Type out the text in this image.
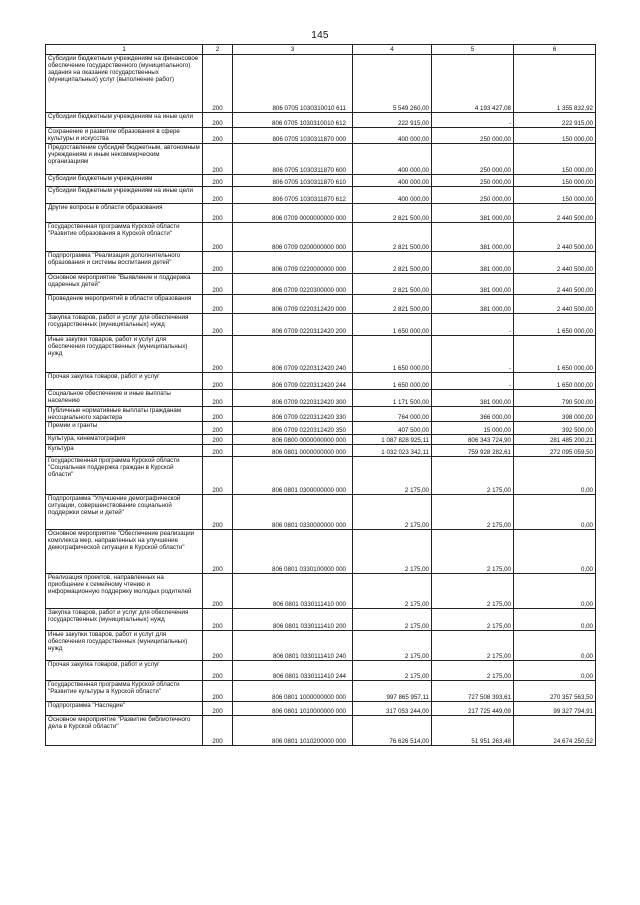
145
1	2	3	4	5	6
Субсидии бюджетным учреждениям на финансовое обеспечение государственного (муниципального) задания на оказание государственных (муниципальных) услуг (выполнение работ)	200	806 0705 1030310010 611	5 549 260,00	4 193 427,08	1 355 832,92
Субсидии бюджетным учреждениям на иные цели	200	806 0705 1030310010 612	222 915,00	-	222 915,00
Сохранение и развитие образования в сфере культуры и искусства	200	806 0705 1030311870 000	400 000,00	250 000,00	150 000,00
Предоставление субсидий бюджетным, автономным учреждениям и иным некоммерческим организациям	200	806 0705 1030311870 600	400 000,00	250 000,00	150 000,00
Субсидии бюджетным учреждениям	200	806 0705 1030311870 610	400 000,00	250 000,00	150 000,00
Субсидии бюджетным учреждениям на иные цели	200	806 0705 1030311870 612	400 000,00	250 000,00	150 000,00
Другие вопросы в области образования	200	806 0709 0000000000 000	2 821 500,00	381 000,00	2 440 500,00
Государственная программа Курской области "Развитие образования в Курской области"	200	806 0709 0200000000 000	2 821 500,00	381 000,00	2 440 500,00
Подпрограмма "Реализация дополнительного образования и системы воспитания детей"	200	806 0709 0220000000 000	2 821 500,00	381 000,00	2 440 500,00
Основное мероприятие "Выявление и поддержка одаренных детей"	200	806 0709 0220300000 000	2 821 500,00	381 000,00	2 440 500,00
Проведение мероприятий в области образования	200	806 0709 0220312420 000	2 821 500,00	381 000,00	2 440 500,00
Закупка товаров, работ и услуг для обеспечения государственных (муниципальных) нужд	200	806 0709 0220312420 200	1 650 000,00	-	1 650 000,00
Иные закупки товаров, работ и услуг для обеспечения государственных (муниципальных) нужд	200	806 0709 0220312420 240	1 650 000,00	-	1 650 000,00
Прочая закупка товаров, работ и услуг	200	806 0709 0220312420 244	1 650 000,00	-	1 650 000,00
Социальное обеспечение и иные выплаты населению	200	806 0709 0220312420 300	1 171 500,00	381 000,00	790 500,00
Публичные нормативные выплаты гражданам несоциального характера	200	806 0709 0220312420 330	764 000,00	366 000,00	398 000,00
Премии и гранты	200	806 0709 0220312420 350	407 500,00	15 000,00	392 500,00
Культура, кинематография	200	806 0800 0000000000 000	1 087 828 925,11	806 343 724,90	281 485 200,21
Культура	200	806 0801 0000000000 000	1 032 023 342,11	759 928 282,61	272 095 059,50
Государственная программа Курской области "Социальная поддержка граждан в Курской области"	200	806 0801 0300000000 000	2 175,00	2 175,00	0,00
Подпрограмма "Улучшение демографической ситуации, совершенствование социальной поддержки семьи и детей"	200	806 0801 0330000000 000	2 175,00	2 175,00	0,00
Основное мероприятие "Обеспечение реализации комплекса мер, направленных на улучшение демографической ситуации в Курской области"	200	806 0801 0330100000 000	2 175,00	2 175,00	0,00
Реализация проектов, направленных на приобщение к семейному чтению и информационную поддержку молодых родителей	200	806 0801 0330111410 000	2 175,00	2 175,00	0,00
Закупка товаров, работ и услуг для обеспечения государственных (муниципальных) нужд	200	806 0801 0330111410 200	2 175,00	2 175,00	0,00
Иные закупки товаров, работ и услуг для обеспечения государственных (муниципальных) нужд	200	806 0801 0330111410 240	2 175,00	2 175,00	0,00
Прочая закупка товаров, работ и услуг	200	806 0801 0330111410 244	2 175,00	2 175,00	0,00
Государственная программа Курской области "Развитие культуры в Курской области"	200	806 0801 1000000000 000	997 865 957,11	727 508 393,61	270 357 563,50
Подпрограмма "Наследие"	200	806 0801 1010000000 000	317 053 244,00	217 725 449,09	99 327 794,91
Основное мероприятие "Развитие библиотечного дела в Курской области"	200	806 0801 1010200000 000	76 626 514,00	51 951 263,48	24 674 250,52
